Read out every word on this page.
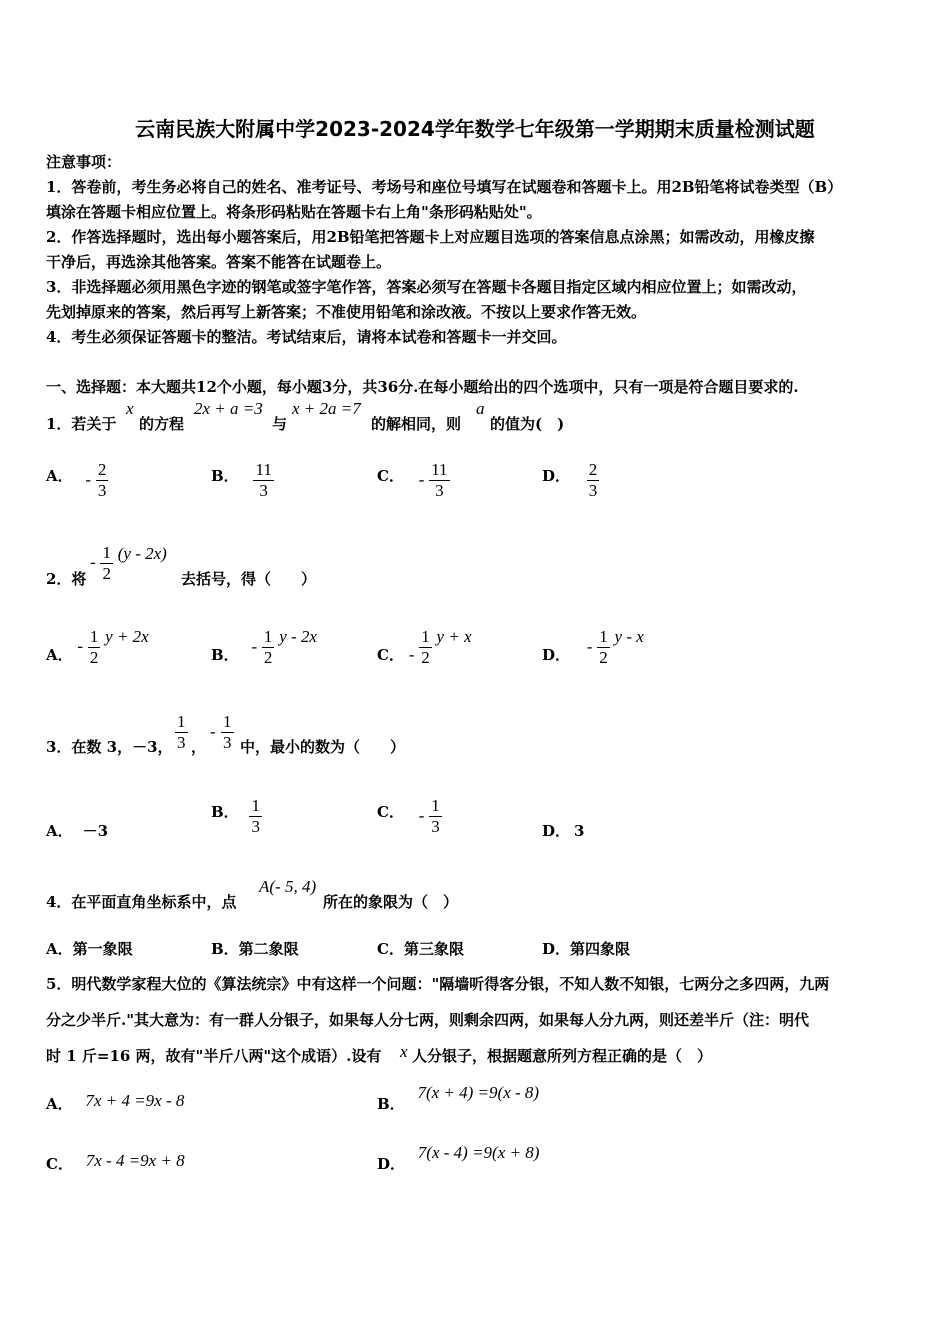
云南民族大附属中学2023-2024学年数学七年级第一学期期末质量检测试题
注意事项：
1．答卷前，考生务必将自己的姓名、准考证号、考场号和座位号填写在试题卷和答题卡上。用2B铅笔将试卷类型（B）
填涂在答题卡相应位置上。将条形码粘贴在答题卡右上角"条形码粘贴处"。
2．作答选择题时，选出每小题答案后，用2B铅笔把答题卡上对应题目选项的答案信息点涂黑；如需改动，用橡皮擦
干净后，再选涂其他答案。答案不能答在试题卷上。
3．非选择题必须用黑色字迹的钢笔或签字笔作答，答案必须写在答题卡各题目指定区域内相应位置上；如需改动，
先划掉原来的答案，然后再写上新答案；不准使用铅笔和涂改液。不按以上要求作答无效。
4．考生必须保证答题卡的整洁。考试结束后，请将本试卷和答题卡一并交回。
一、选择题：本大题共12个小题，每小题3分，共36分.在每小题给出的四个选项中，只有一项是符合题目要求的.
1．若关于
x
的方程
2x + a =3
与
x + 2a =7
的解相同，则
a
的值为(　)
A． - $\frac{2}{3}$	B． $\frac{11}{3}$	C． - $\frac{11}{3}$	D． $\frac{2}{3}$
2．将
- $\frac{1}{2} (y - 2x)$
去括号，得（　　）
A． - $\frac{1}{2}$ y + 2x
B． - $\frac{1}{2}$ y - 2x
C． - $\frac{1}{2}$ y + x
D． - $\frac{1}{2}$ y - x
3．在数 3，－3， $\frac{1}{3}$ ，
- $\frac{1}{3}$ 中，最小的数为（　　）
A． －3
B． $\frac{1}{3}$	C． - $\frac{1}{3}$	D． 3
4．在平面直角坐标系中，点
A(- 5, 4)
所在的象限为（　）
A．第一象限	B．第二象限	C．第三象限	D．第四象限
5．明代数学家程大位的《算法统宗》中有这样一个问题："隔墙听得客分银，不知人数不知银，七两分之多四两，九两
分之少半斤."其大意为：有一群人分银子，如果每人分七两，则剩余四两，如果每人分九两，则还差半斤（注：明代
时 1 斤=16 两，故有"半斤八两"这个成语）.设有 x 人分银子，根据题意所列方程正确的是（　）
A． 7x + 4 =9x - 8	B． 7(x + 4) =9(x - 8)
C． 7x - 4 =9x + 8	D． 7(x - 4) =9(x + 8)
